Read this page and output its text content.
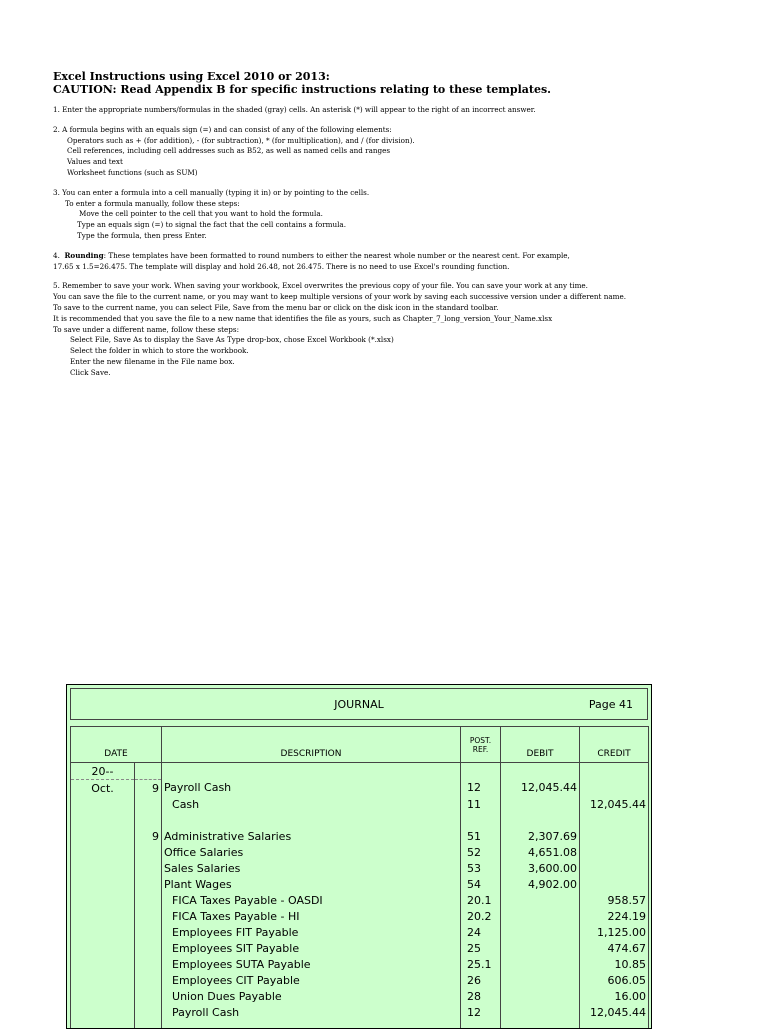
Excel Instructions using Excel 2010 or 2013:

CAUTION: Read Appendix B for specific instructions relating to these templates.

1. Enter the appropriate numbers/formulas in the shaded (gray) cells. An asterisk (*) will appear to the right of an incorrect answer.

2. A formula begins with an equals sign (=) and can consist of any of the following elements:

Operators such as + (for addition), - (for subtraction), * (for multiplication), and / (for division).

Cell references, including cell addresses such as B52, as well as named cells and ranges

Values and text

Worksheet functions (such as SUM)

3. You can enter a formula into a cell manually (typing it in) or by pointing to the cells.

To enter a formula manually, follow these steps:

Move the cell pointer to the cell that you want to hold the formula.

Type an equals sign (=) to signal the fact that the cell contains a formula.

Type the formula, then press Enter.

4. Rounding: These templates have been formatted to round numbers to either the nearest whole number or the nearest cent. For example,

17.65 x 1.5=26.475. The template will display and hold 26.48, not 26.475. There is no need to use Excel's rounding function.

5. Remember to save your work. When saving your workbook, Excel overwrites the previous copy of your file. You can save your work at any time.

You can save the file to the current name, or you may want to keep multiple versions of your work by saving each successive version under a different name.

To save to the current name, you can select File, Save from the menu bar or click on the disk icon in the standard toolbar.

It is recommended that you save the file to a new name that identifies the file as yours, such as Chapter_7_long_version_Your_Name.xlsx

To save under a different name, follow these steps:

Select File, Save As to display the Save As Type drop-box, chose Excel Workbook (*.xlsx)

Select the folder in which to store the workbook.

Enter the new filename in the File name box.

Click Save.

JOURNAL	Page 41
DATE		DESCRIPTION	POST.
REF.	DEBIT	CREDIT
20--					
Oct.	9	Payroll Cash	12	12,045.44	
		Cash	11		12,045.44

	9	Administrative Salaries	51	2,307.69	
		Office Salaries	52	4,651.08	
		Sales Salaries	53	3,600.00	
		Plant Wages	54	4,902.00	
		FICA Taxes Payable - OASDI	20.1		958.57
		FICA Taxes Payable - HI	20.2		224.19
		Employees FIT Payable	24		1,125.00
		Employees SIT Payable	25		474.67
		Employees SUTA Payable	25.1		10.85
		Employees CIT Payable	26		606.05
		Union Dues Payable	28		16.00
		Payroll Cash	12		12,045.44
